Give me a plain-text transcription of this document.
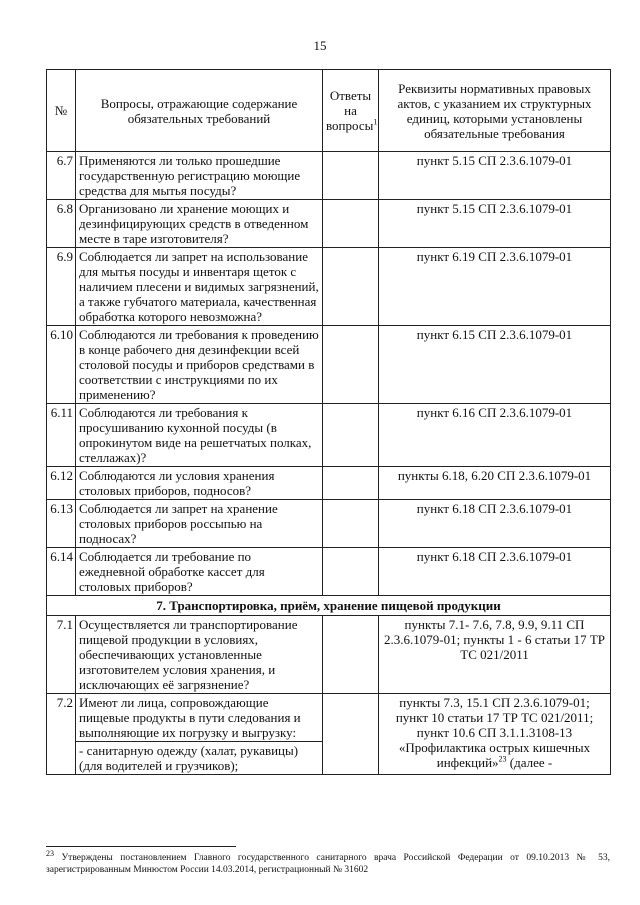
15
№	Вопросы, отражающие содержание обязательных требований	Ответы на вопросы$^1$	Реквизиты нормативных правовых актов, с указанием их структурных единиц, которыми установлены обязательные требования
6.7	Применяются ли только прошедшие государственную регистрацию моющие средства для мытья посуды?		пункт 5.15 СП 2.3.6.1079-01
6.8	Организовано ли хранение моющих и дезинфицирующих средств в отведенном месте в таре изготовителя?		пункт 5.15 СП 2.3.6.1079-01
6.9	Соблюдается ли запрет на использование для мытья посуды и инвентаря щеток с наличием плесени и видимых загрязнений, а также губчатого материала, качественная обработка которого невозможна?		пункт 6.19 СП 2.3.6.1079-01
6.10	Соблюдаются ли требования к проведению в конце рабочего дня дезинфекции всей столовой посуды и приборов средствами в соответствии с инструкциями по их применению?		пункт 6.15 СП 2.3.6.1079-01
6.11	Соблюдаются ли требования к просушиванию кухонной посуды (в опрокинутом виде на решетчатых полках, стеллажах)?		пункт 6.16 СП 2.3.6.1079-01
6.12	Соблюдаются ли условия хранения столовых приборов, подносов?		пункты 6.18, 6.20 СП 2.3.6.1079-01
6.13	Соблюдается ли запрет на хранение столовых приборов россыпью на подносах?		пункт 6.18 СП 2.3.6.1079-01
6.14	Соблюдается ли требование по ежедневной обработке кассет для столовых приборов?		пункт 6.18 СП 2.3.6.1079-01
7. Транспортировка, приём, хранение пищевой продукции			
7.1	Осуществляется ли транспортирование пищевой продукции в условиях, обеспечивающих установленные изготовителем условия хранения, и исключающих её загрязнение?		пункты 7.1- 7.6, 7.8, 9.9, 9.11 СП 2.3.6.1079-01; пункты 1 - 6 статьи 17 ТР ТС 021/2011
7.2	Имеют ли лица, сопровождающие пищевые продукты в пути следования и выполняющие их погрузку и выгрузку:		пункты 7.3, 15.1 СП 2.3.6.1079-01; пункт 10 статьи 17 ТР ТС 021/2011; пункт 10.6 СП 3.1.1.3108-13 «Профилактика острых кишечных инфекций»$^{23}$ (далее -
	- санитарную одежду (халат, рукавицы) (для водителей и грузчиков);		
$^{23}$ Утверждены постановлением Главного государственного санитарного врача Российской Федерации от 09.10.2013 № 53, зарегистрированным Минюстом России 14.03.2014, регистрационный № 31602
